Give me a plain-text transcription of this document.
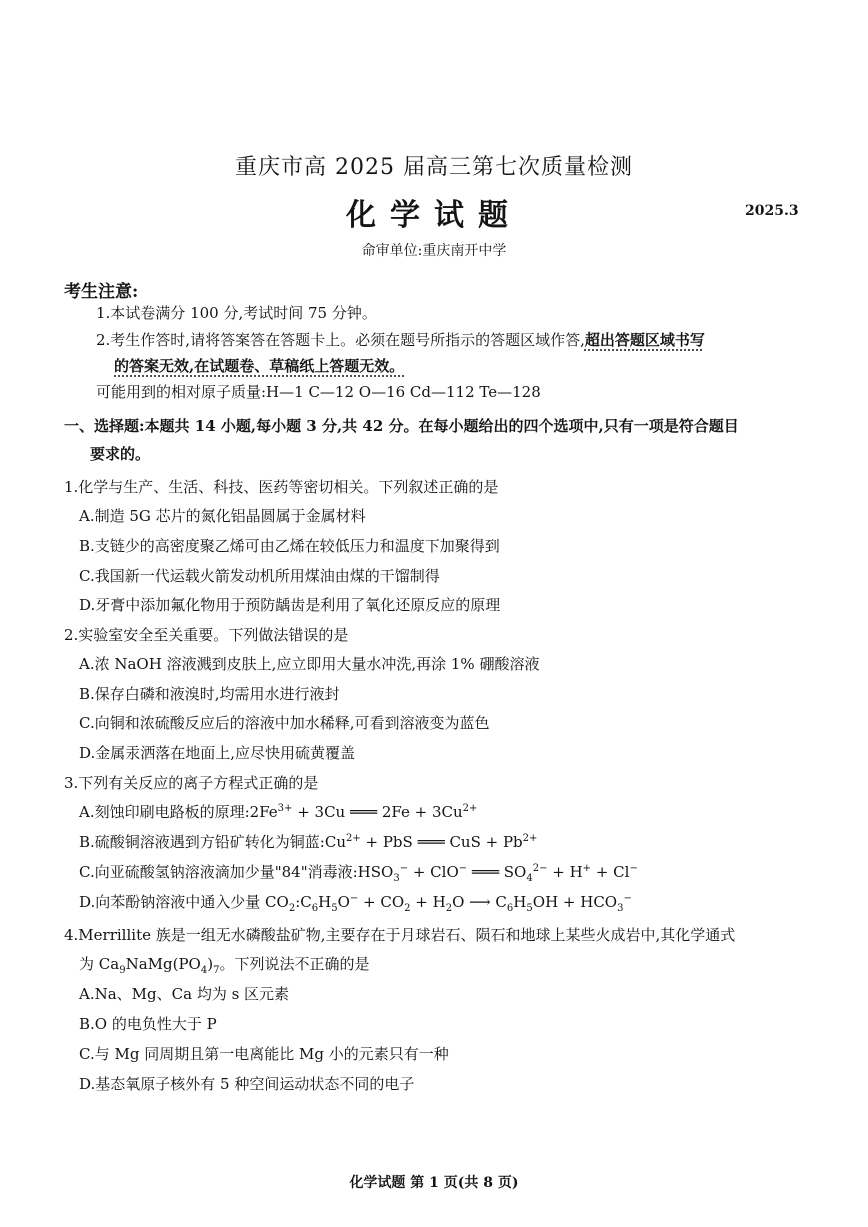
重庆市高 2025 届高三第七次质量检测
化学试题	2025.3
命审单位:重庆南开中学
考生注意:
1.本试卷满分 100 分,考试时间 75 分钟。
2.考生作答时,请将答案答在答题卡上。必须在题号所指示的答题区域作答,超出答题区域书写
的答案无效,在试题卷、草稿纸上答题无效。
可能用到的相对原子质量:H—1 C—12 O—16 Cd—112 Te—128
一、选择题:本题共 14 小题,每小题 3 分,共 42 分。在每小题给出的四个选项中,只有一项是符合题目
要求的。
1.化学与生产、生活、科技、医药等密切相关。下列叙述正确的是
A.制造 5G 芯片的氮化铝晶圆属于金属材料
B.支链少的高密度聚乙烯可由乙烯在较低压力和温度下加聚得到
C.我国新一代运载火箭发动机所用煤油由煤的干馏制得
D.牙膏中添加氟化物用于预防龋齿是利用了氧化还原反应的原理
2.实验室安全至关重要。下列做法错误的是
A.浓 NaOH 溶液溅到皮肤上,应立即用大量水冲洗,再涂 1% 硼酸溶液
B.保存白磷和液溴时,均需用水进行液封
C.向铜和浓硫酸反应后的溶液中加水稀释,可看到溶液变为蓝色
D.金属汞洒落在地面上,应尽快用硫黄覆盖
3.下列有关反应的离子方程式正确的是
A.刻蚀印刷电路板的原理$:2Fe^{3+} + 3Cu$ ═══ $2Fe + 3Cu^{2+}$
B.硫酸铜溶液遇到方铅矿转化为铜蓝$:Cu^{2+}$ + PbS ═══ CuS + $Pb^{2+}$
C.向亚硫酸氢钠溶液滴加少量"84"消毒液$:HSO_3^- + ClO^-$ ═══ $SO_4^{2-} + H^+ + Cl^-$
D.向苯酚钠溶液中通入少量 $CO_2:C_6H_5O^- + CO_2 + H_2O$ ⟶ $C_6H_5OH + HCO_3^-$
4.Merrillite 族是一组无水磷酸盐矿物,主要存在于月球岩石、陨石和地球上某些火成岩中,其化学通式
为 $Ca_9NaMg(PO_4)_7$。下列说法不正确的是
A.Na、Mg、Ca 均为 s 区元素
B.O 的电负性大于 P
C.与 Mg 同周期且第一电离能比 Mg 小的元素只有一种
D.基态氧原子核外有 5 种空间运动状态不同的电子
化学试题 第 1 页(共 8 页)
